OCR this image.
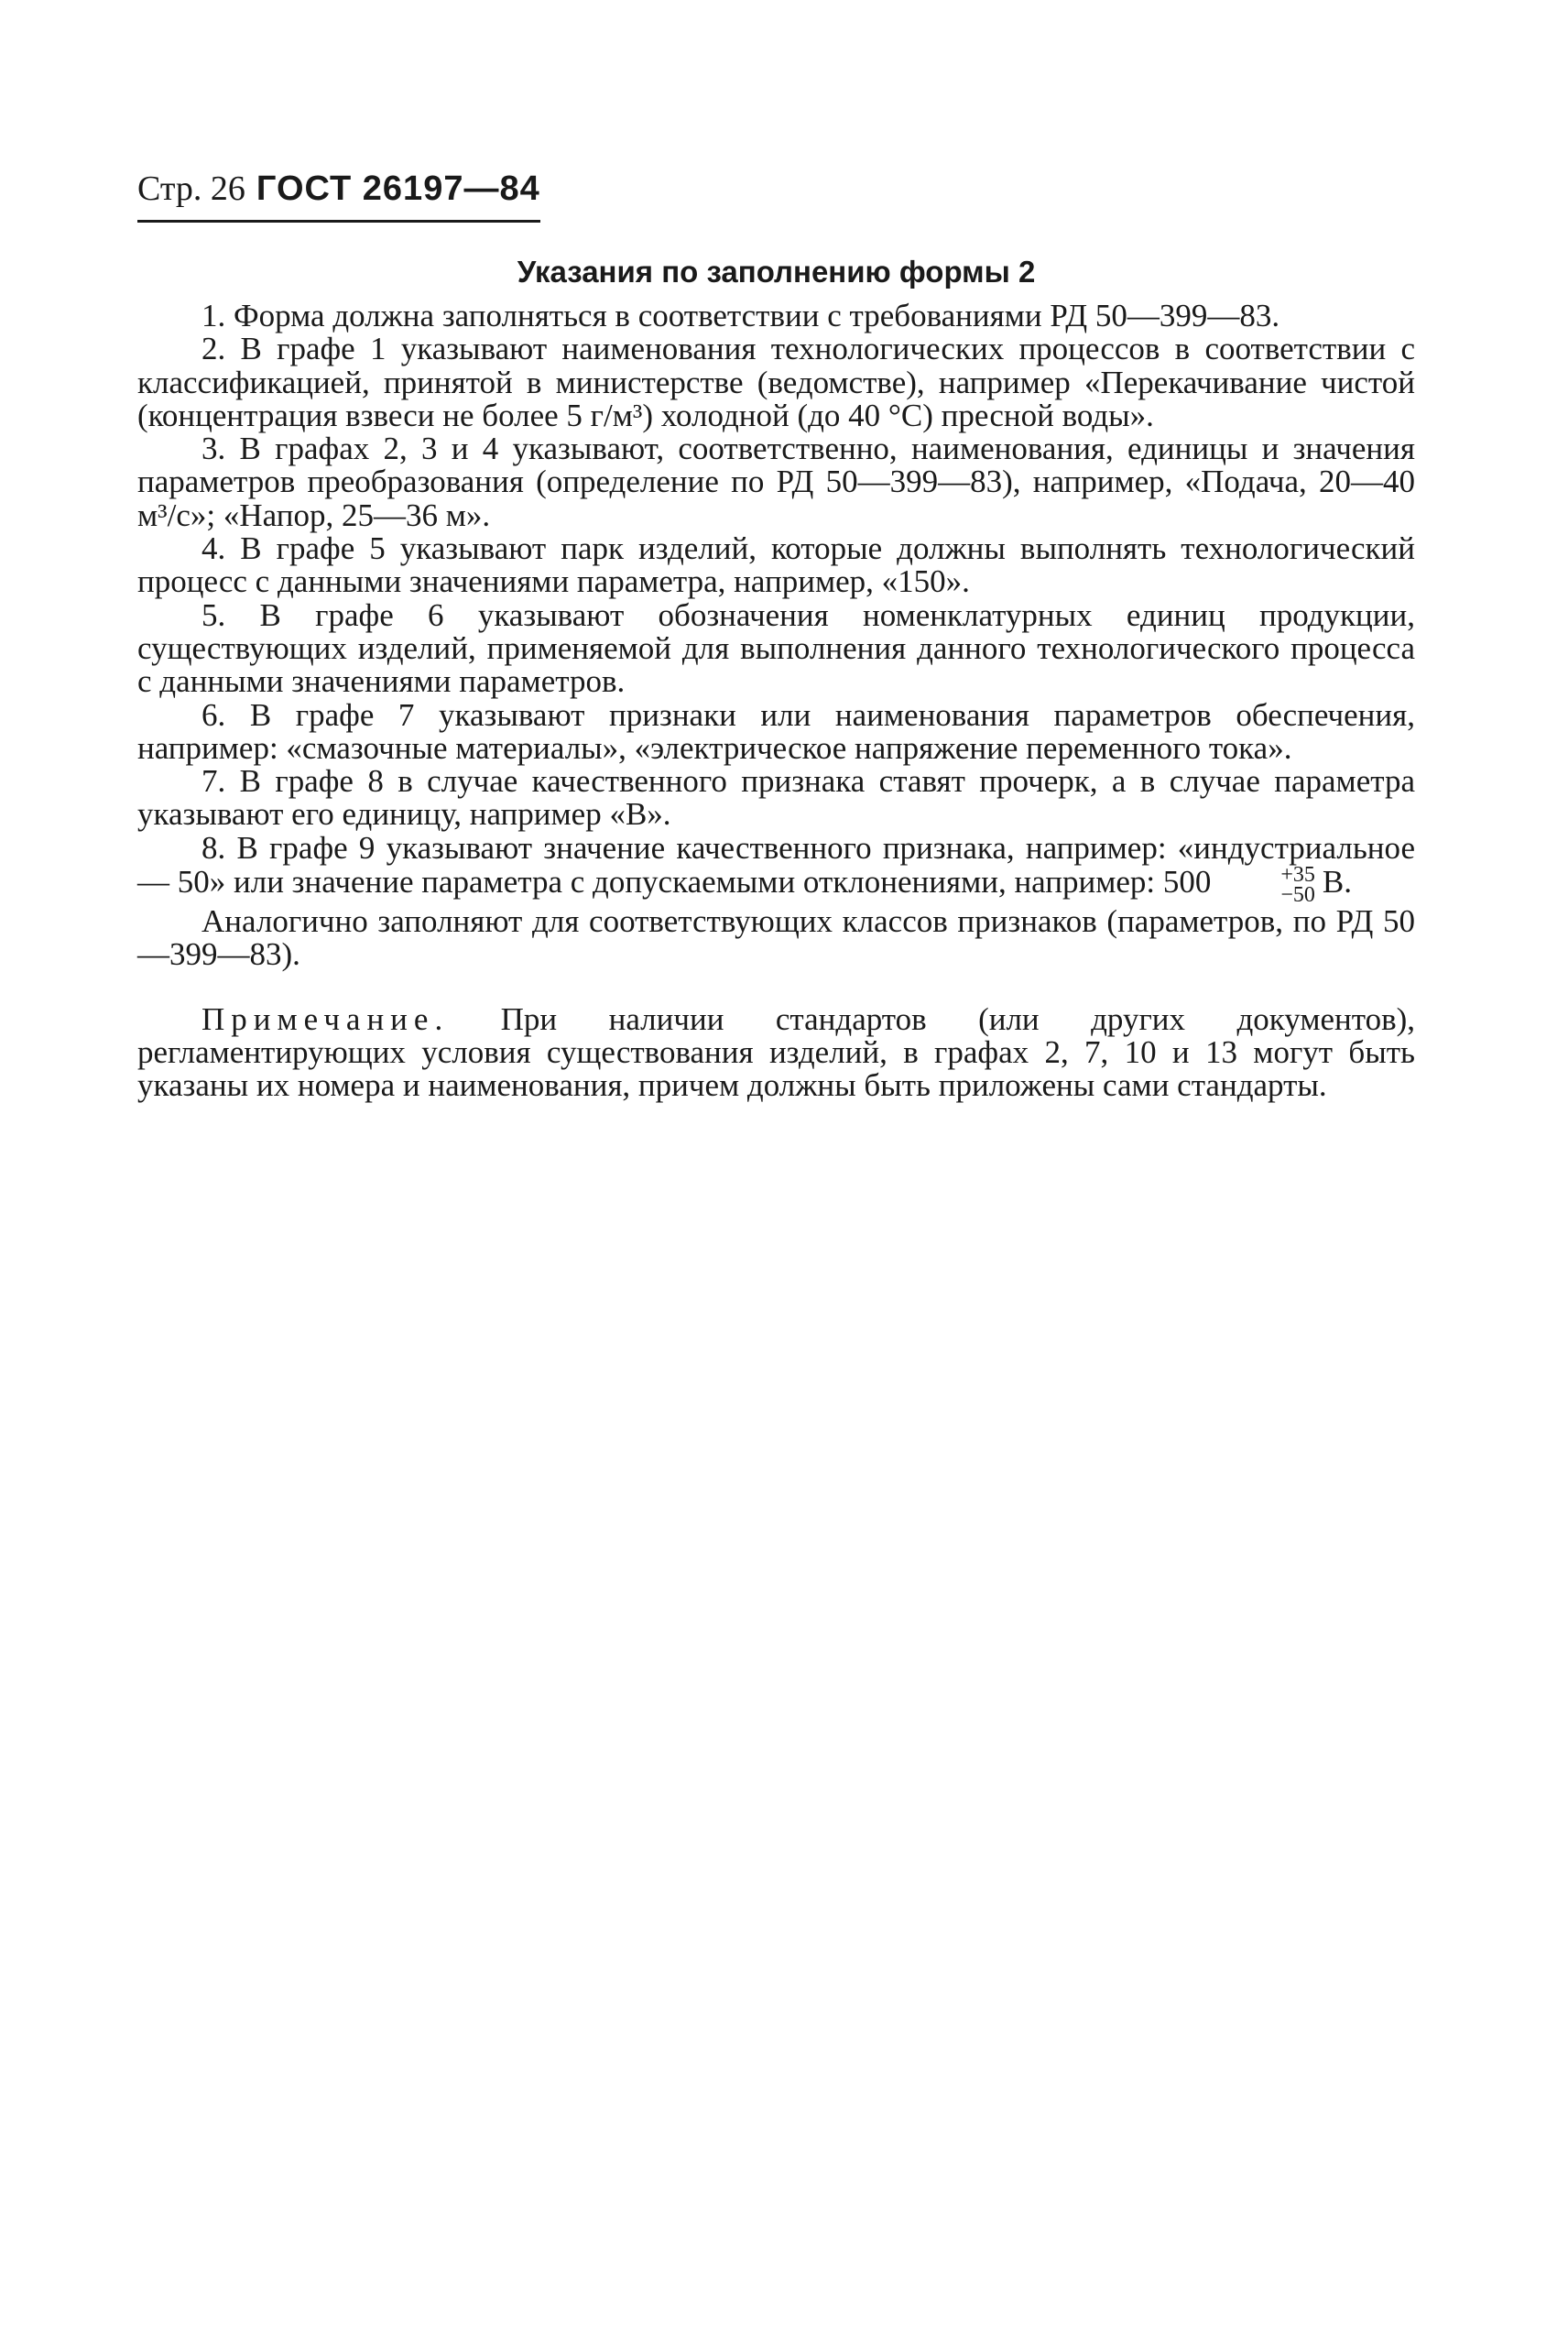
Стр. 26 ГОСТ 26197—84
Указания по заполнению формы 2

1. Форма должна заполняться в соответствии с требованиями РД 50—399—83.

2. В графе 1 указывают наименования технологических процессов в соответствии с классификацией, принятой в министерстве (ведомстве), например «Перекачивание чистой (концентрация взвеси не более 5 г/м³) холодной (до 40 °С) пресной воды».

3. В графах 2, 3 и 4 указывают, соответственно, наименования, единицы и значения параметров преобразования (определение по РД 50—399—83), например, «Подача, 20—40 м³/с»; «Напор, 25—36 м».

4. В графе 5 указывают парк изделий, которые должны выполнять технологический процесс с данными значениями параметра, например, «150».

5. В графе 6 указывают обозначения номенклатурных единиц продукции, существующих изделий, применяемой для выполнения данного технологического процесса с данными значениями параметров.

6. В графе 7 указывают признаки или наименования параметров обеспечения, например: «смазочные материалы», «электрическое напряжение переменного тока».

7. В графе 8 в случае качественного признака ставят прочерк, а в случае параметра указывают его единицу, например «В».

8. В графе 9 указывают значение качественного признака, например: «индустриальное — 50» или значение параметра с допускаемыми отклонениями, например: 500	+35
−50 В.

Аналогично заполняют для соответствующих классов признаков (параметров, по РД 50—399—83).

Примечание. При наличии стандартов (или других документов), регламентирующих условия существования изделий, в графах 2, 7, 10 и 13 могут быть указаны их номера и наименования, причем должны быть приложены сами стандарты.
